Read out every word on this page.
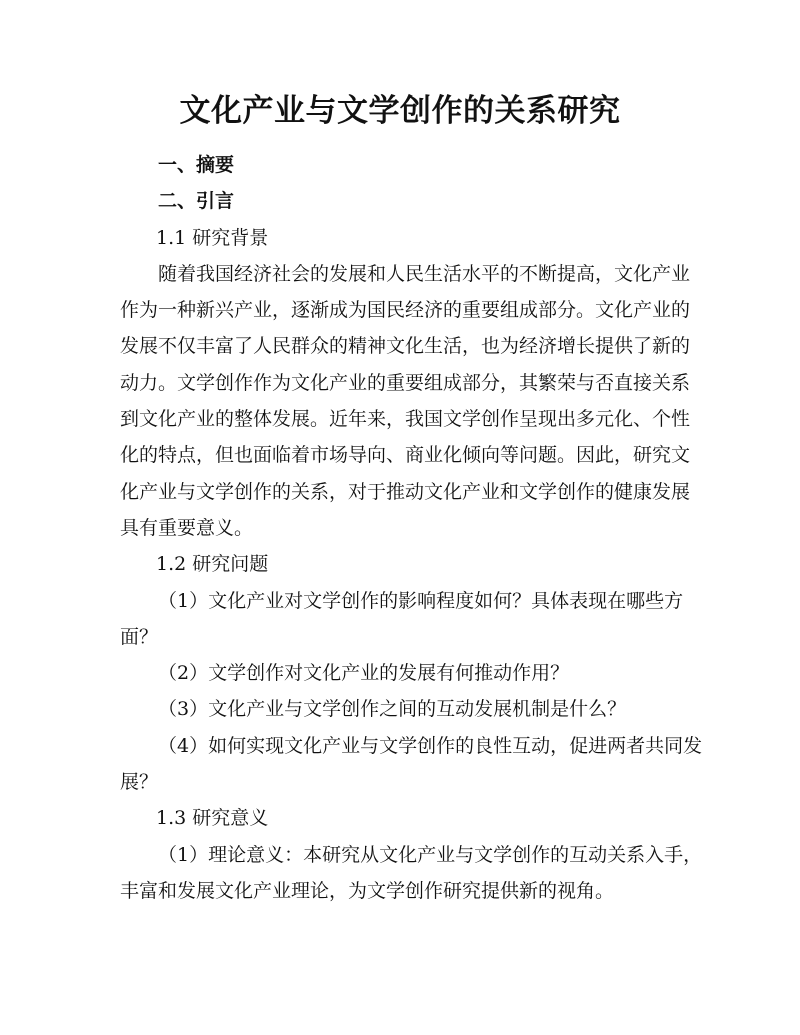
文化产业与文学创作的关系研究

一、摘要

二、引言

1.1 研究背景

随着我国经济社会的发展和人民生活水平的不断提高，文化产业

作为一种新兴产业，逐渐成为国民经济的重要组成部分。文化产业的

发展不仅丰富了人民群众的精神文化生活，也为经济增长提供了新的

动力。文学创作作为文化产业的重要组成部分，其繁荣与否直接关系

到文化产业的整体发展。近年来，我国文学创作呈现出多元化、个性

化的特点，但也面临着市场导向、商业化倾向等问题。因此，研究文

化产业与文学创作的关系，对于推动文化产业和文学创作的健康发展

具有重要意义。

1.2 研究问题

（1）文化产业对文学创作的影响程度如何？具体表现在哪些方

面？

（2）文学创作对文化产业的发展有何推动作用？

（3）文化产业与文学创作之间的互动发展机制是什么？

（4）如何实现文化产业与文学创作的良性互动，促进两者共同发

展？

1.3 研究意义

（1）理论意义：本研究从文化产业与文学创作的互动关系入手，

丰富和发展文化产业理论，为文学创作研究提供新的视角。
